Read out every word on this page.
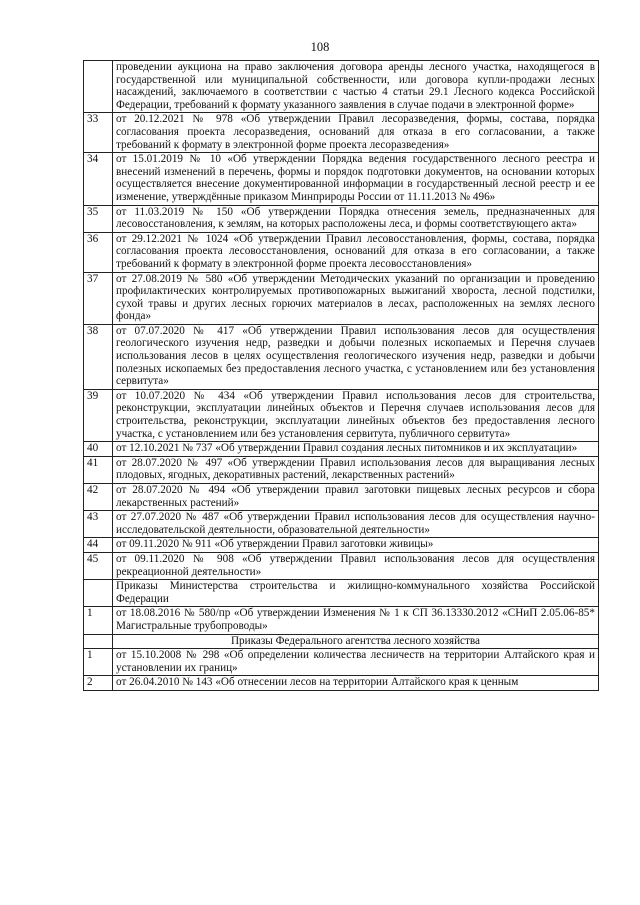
108
	проведении аукциона на право заключения договора аренды лесного участка, находящегося в государственной или муниципальной собственности, или договора купли-продажи лесных насаждений, заключаемого в соответствии с частью 4 статьи 29.1 Лесного кодекса Российской Федерации, требований к формату указанного заявления в случае подачи в электронной форме»
33	от 20.12.2021 № 978 «Об утверждении Правил лесоразведения, формы, состава, порядка согласования проекта лесоразведения, оснований для отказа в его согласовании, а также требований к формату в электронной форме проекта лесоразведения»
34	от 15.01.2019 № 10 «Об утверждении Порядка ведения государственного лесного реестра и внесений изменений в перечень, формы и порядок подготовки документов, на основании которых осуществляется внесение документированной информации в государственный лесной реестр и ее изменение, утверждённые приказом Минприроды России от 11.11.2013 № 496»
35	от 11.03.2019 № 150 «Об утверждении Порядка отнесения земель, предназначенных для лесовосстановления, к землям, на которых расположены леса, и формы соответствующего акта»
36	от 29.12.2021 № 1024 «Об утверждении Правил лесовосстановления, формы, состава, порядка согласования проекта лесовосстановления, оснований для отказа в его согласовании, а также требований к формату в электронной форме проекта лесовосстановления»
37	от 27.08.2019 № 580 «Об утверждении Методических указаний по организации и проведению профилактических контролируемых противопожарных выжиганий хвороста, лесной подстилки, сухой травы и других лесных горючих материалов в лесах, расположенных на землях лесного фонда»
38	от 07.07.2020 № 417 «Об утверждении Правил использования лесов для осуществления геологического изучения недр, разведки и добычи полезных ископаемых и Перечня случаев использования лесов в целях осуществления геологического изучения недр, разведки и добычи полезных ископаемых без предоставления лесного участка, с установлением или без установления сервитута»
39	от 10.07.2020 № 434 «Об утверждении Правил использования лесов для строительства, реконструкции, эксплуатации линейных объектов и Перечня случаев использования лесов для строительства, реконструкции, эксплуатации линейных объектов без предоставления лесного участка, с установлением или без установления сервитута, публичного сервитута»
40	от 12.10.2021 № 737 «Об утверждении Правил создания лесных питомников и их эксплуатации»
41	от 28.07.2020 № 497 «Об утверждении Правил использования лесов для выращивания лесных плодовых, ягодных, декоративных растений, лекарственных растений»
42	от 28.07.2020 № 494 «Об утверждении правил заготовки пищевых лесных ресурсов и сбора лекарственных растений»
43	от 27.07.2020 № 487 «Об утверждении Правил использования лесов для осуществления научно-исследовательской деятельности, образовательной деятельности»
44	от 09.11.2020 № 911 «Об утверждении Правил заготовки живицы»
45	от 09.11.2020 № 908 «Об утверждении Правил использования лесов для осуществления рекреационной деятельности»
	Приказы Министерства строительства и жилищно-коммунального хозяйства Российской Федерации
1	от 18.08.2016 № 580/пр «Об утверждении Изменения № 1 к СП 36.13330.2012 «СНиП 2.05.06-85* Магистральные трубопроводы»
	Приказы Федерального агентства лесного хозяйства
1	от 15.10.2008 № 298 «Об определении количества лесничеств на территории Алтайского края и установлении их границ»
2	от 26.04.2010 № 143 «Об отнесении лесов на территории Алтайского края к ценным
